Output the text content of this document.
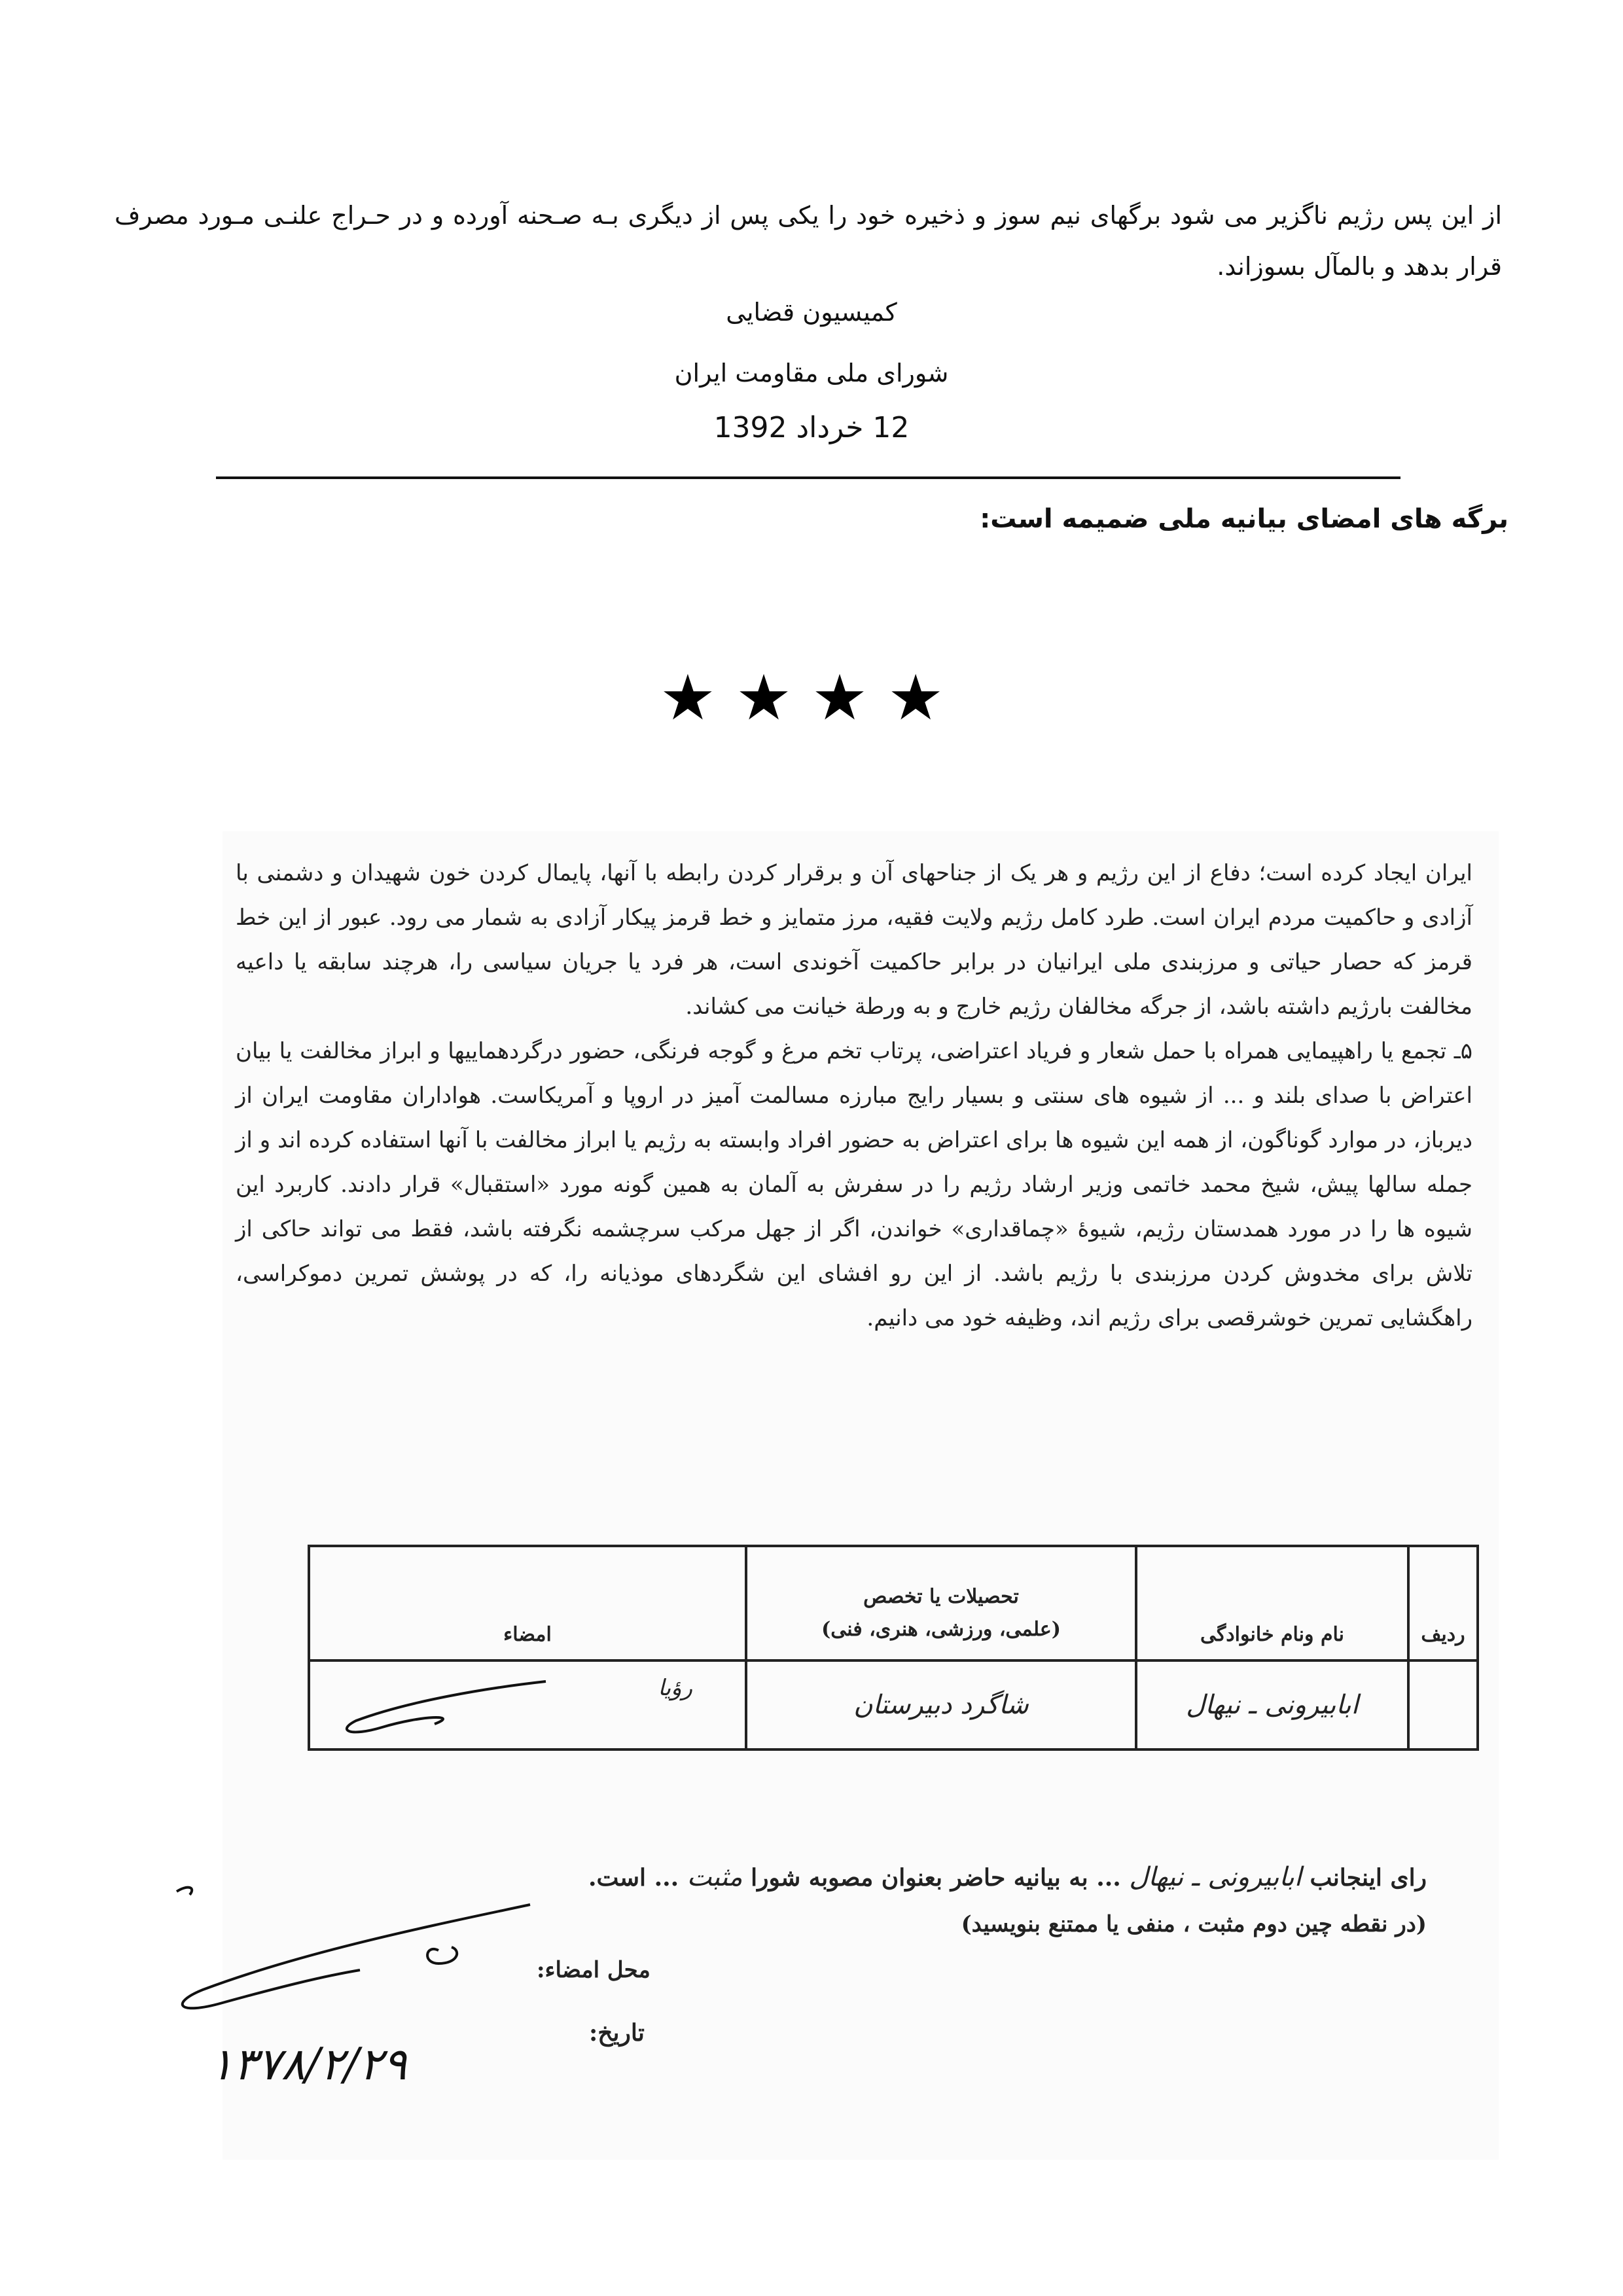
از این پس رژیم ناگزیر می شود برگهای نیم سوز و ذخیره خود را یکی پس از دیگری بـه صـحنه آورده و در حـراج علنـی مـورد مصرف قرار بدهد و بالمآل بسوزاند.
کمیسیون قضایی
شورای ملی مقاومت ایران
12 خرداد 1392
برگه های امضای بیانیه ملی ضمیمه است:
★★★★

ایران ایجاد کرده است؛ دفاع از این رژیم و هر یک از جناحهای آن و برقرار کردن رابطه با آنها، پایمال کردن خون شهیدان و دشمنی با آزادی و حاکمیت مردم ایران است. طرد کامل رژیم ولایت فقیه، مرز متمایز و خط قرمز پیکار آزادی به شمار می رود. عبور از این خط قرمز که حصار حیاتی و مرزبندی ملی ایرانیان در برابر حاکمیت آخوندی است، هر فرد یا جریان سیاسی را، هرچند سابقه یا داعیه مخالفت بارژیم داشته باشد، از جرگه مخالفان رژیم خارج و به ورطة خیانت می کشاند.

۵ـ تجمع یا راهپیمایی همراه با حمل شعار و فریاد اعتراضی، پرتاب تخم مرغ و گوجه فرنگی، حضور درگردهماییها و ابراز مخالفت یا بیان اعتراض با صدای بلند و ... از شیوه های سنتی و بسیار رایج مبارزه مسالمت آمیز در اروپا و آمریکاست. هواداران مقاومت ایران از دیرباز، در موارد گوناگون، از همه این شیوه ها برای اعتراض به حضور افراد وابسته به رژیم یا ابراز مخالفت با آنها استفاده کرده اند و از جمله سالها پیش، شیخ محمد خاتمی وزیر ارشاد رژیم را در سفرش به آلمان به همین گونه مورد «استقبال» قرار دادند. کاربرد این شیوه ها را در مورد همدستان رژیم، شیوهٔ «چماقداری» خواندن، اگر از جهل مرکب سرچشمه نگرفته باشد، فقط می تواند حاکی از تلاش برای مخدوش کردن مرزبندی با رژیم باشد. از این رو افشای این شگردهای موذیانه را، که در پوشش تمرین دموکراسی، راهگشایی تمرین خوشرقصی برای رژیم اند، وظیفه خود می دانیم.

ردیف	نام ونام خانوادگی	تحصیلات یا تخصص
(علمی، ورزشی، هنری، فنی)	امضاء
	ابابیرونی ـ نیهال	شاگرد دبیرستان	رؤیا
رای اینجانب ابابیرونی ـ نیهال ... به بیانیه حاضر بعنوان مصوبه شورا مثبت ... است.
(در نقطه چین دوم مثبت ، منفی یا ممتنع بنویسید)
محل امضاء:
تاریخ:
۱۳۷۸/۲/۲۹
